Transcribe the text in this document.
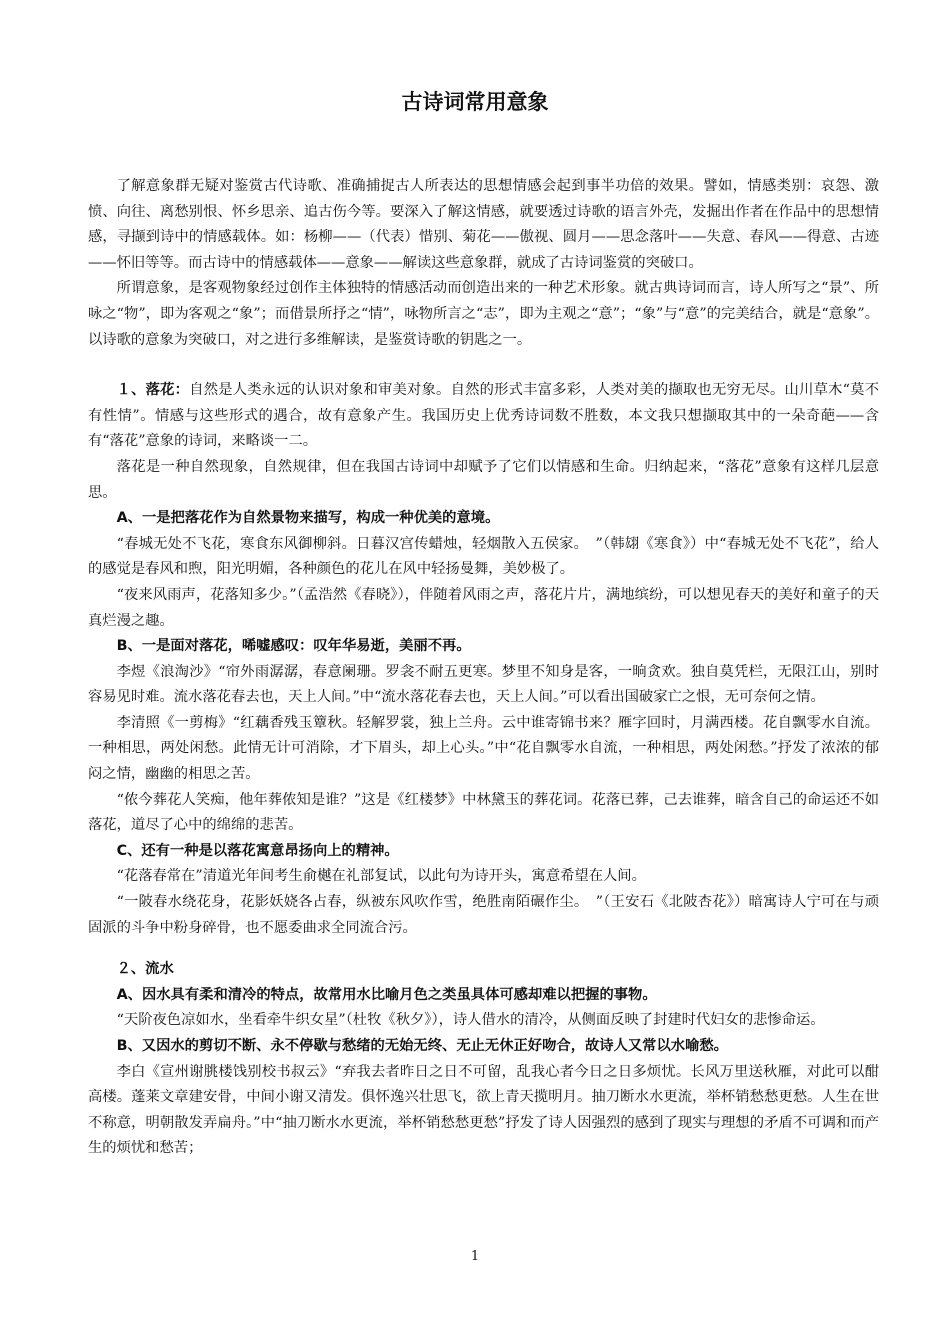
古诗词常用意象

了解意象群无疑对鉴赏古代诗歌、准确捕捉古人所表达的思想情感会起到事半功倍的效果。譬如，情感类别：哀怨、激愤、向往、离愁别恨、怀乡思亲、追古伤今等。要深入了解这情感，就要透过诗歌的语言外壳，发掘出作者在作品中的思想情感，寻撷到诗中的情感载体。如：杨柳——（代表）惜别、菊花——傲视、圆月——思念落叶——失意、春风——得意、古迹——怀旧等等。而古诗中的情感载体——意象——解读这些意象群，就成了古诗词鉴赏的突破口。

所谓意象，是客观物象经过创作主体独特的情感活动而创造出来的一种艺术形象。就古典诗词而言，诗人所写之“景”、所咏之“物”，即为客观之“象”；而借景所抒之“情”，咏物所言之“志”，即为主观之“意”；“象”与“意”的完美结合，就是“意象”。以诗歌的意象为突破口，对之进行多维解读，是鉴赏诗歌的钥匙之一。

１、落花：自然是人类永远的认识对象和审美对象。自然的形式丰富多彩，人类对美的撷取也无穷无尽。山川草木“莫不有性情”。情感与这些形式的遇合，故有意象产生。我国历史上优秀诗词数不胜数，本文我只想撷取其中的一朵奇葩——含有“落花”意象的诗词，来略谈一二。

落花是一种自然现象，自然规律，但在我国古诗词中却赋予了它们以情感和生命。归纳起来，“落花”意象有这样几层意思。

A、一是把落花作为自然景物来描写，构成一种优美的意境。

“春城无处不飞花，寒食东风御柳斜。日暮汉宫传蜡烛，轻烟散入五侯家。　”（韩翃《寒食》）中“春城无处不飞花”，给人的感觉是春风和煦，阳光明媚，各种颜色的花儿在风中轻扬曼舞，美妙极了。

“夜来风雨声，花落知多少。”（孟浩然《春晓》），伴随着风雨之声，落花片片，满地缤纷，可以想见春天的美好和童子的天真烂漫之趣。

B、一是面对落花，唏嘘感叹：叹年华易逝，美丽不再。

李煜《浪淘沙》“帘外雨潺潺，春意阑珊。罗衾不耐五更寒。梦里不知身是客，一晌贪欢。独自莫凭栏，无限江山，别时容易见时难。流水落花春去也，天上人间。”中“流水落花春去也，天上人间。”可以看出国破家亡之恨，无可奈何之情。

李清照《一剪梅》“红藕香残玉簟秋。轻解罗裳，独上兰舟。云中谁寄锦书来？雁字回时，月满西楼。花自飘零水自流。一种相思，两处闲愁。此情无计可消除，才下眉头，却上心头。”中“花自飘零水自流，一种相思，两处闲愁。”抒发了浓浓的郁闷之情，幽幽的相思之苦。

“侬今葬花人笑痴，他年葬侬知是谁？”这是《红楼梦》中林黛玉的葬花词。花落已葬，己去谁葬，暗含自己的命运还不如落花，道尽了心中的绵绵的悲苦。

C、还有一种是以落花寓意昂扬向上的精神。

“花落春常在”清道光年间考生俞樾在礼部复试，以此句为诗开头，寓意希望在人间。

“一陂春水绕花身，花影妖娆各占春，纵被东风吹作雪，绝胜南陌碾作尘。　”（王安石《北陂杏花》）暗寓诗人宁可在与顽固派的斗争中粉身碎骨，也不愿委曲求全同流合污。

２、流水

A、因水具有柔和清冷的特点，故常用水比喻月色之类虽具体可感却难以把握的事物。

“天阶夜色凉如水，坐看牵牛织女星”（杜牧《秋夕》），诗人借水的清冷，从侧面反映了封建时代妇女的悲惨命运。

B、又因水的剪切不断、永不停歇与愁绪的无始无终、无止无休正好吻合，故诗人又常以水喻愁。

李白《宣州谢朓楼饯别校书叔云》“弃我去者昨日之日不可留，乱我心者今日之日多烦忧。长风万里送秋雁，对此可以酣高楼。蓬莱文章建安骨，中间小谢又清发。俱怀逸兴壮思飞，欲上青天揽明月。抽刀断水水更流，举杯销愁愁更愁。人生在世不称意，明朝散发弄扁舟。”中“抽刀断水水更流，举杯销愁愁更愁”抒发了诗人因强烈的感到了现实与理想的矛盾不可调和而产生的烦忧和愁苦；

1
